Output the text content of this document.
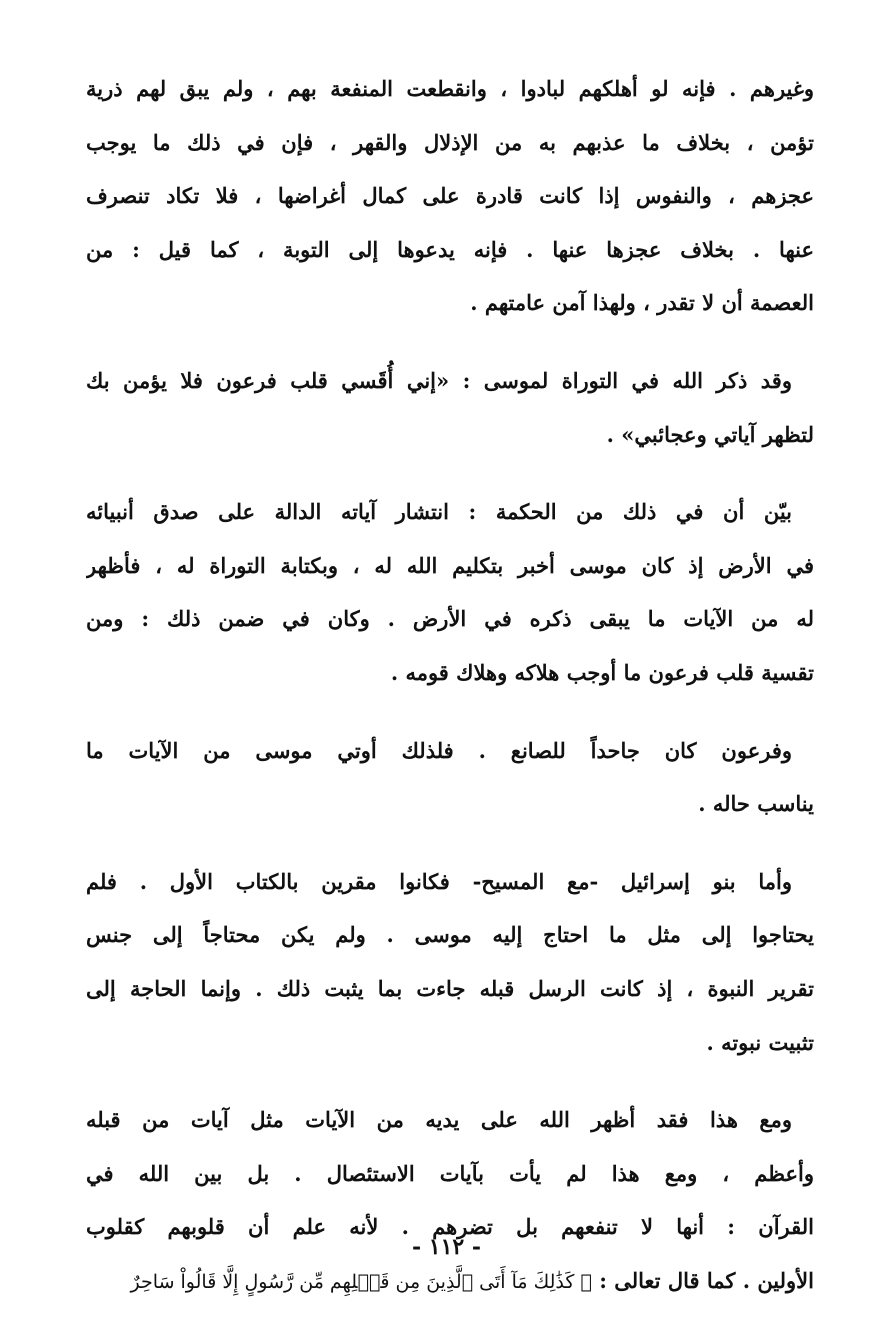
وغيرهم . فإنه لو أهلكهم لبادوا ، وانقطعت المنفعة بهم ، ولم يبق لهم ذرية
تؤمن ، بخلاف ما عذبهم به من الإذلال والقهر ، فإن في ذلك ما يوجب
عجزهم ، والنفوس إذا كانت قادرة على كمال أغراضها ، فلا تكاد تنصرف
عنها . بخلاف عجزها عنها . فإنه يدعوها إلى التوبة ، كما قيل : من
العصمة أن لا تقدر ، ولهذا آمن عامتهم .

وقد ذكر الله في التوراة لموسى : «إني أُقَسي قلب فرعون فلا يؤمن بك
لتظهر آياتي وعجائبي» .

بيّن أن في ذلك من الحكمة : انتشار آياته الدالة على صدق أنبيائه
في الأرض إذ كان موسى أخبر بتكليم الله له ، وبكتابة التوراة له ، فأظهر
له من الآيات ما يبقى ذكره في الأرض . وكان في ضمن ذلك : ومن
تقسية قلب فرعون ما أوجب هلاكه وهلاك قومه .

وفرعون كان جاحداً للصانع . فلذلك أوتي موسى من الآيات ما
يناسب حاله .

وأما بنو إسرائيل -مع المسيح- فكانوا مقرين بالكتاب الأول . فلم
يحتاجوا إلى مثل ما احتاج إليه موسى . ولم يكن محتاجاً إلى جنس
تقرير النبوة ، إذ كانت الرسل قبله جاءت بما يثبت ذلك . وإنما الحاجة إلى
تثبيت نبوته .

ومع هذا فقد أظهر الله على يديه من الآيات مثل آيات من قبله
وأعظم ، ومع هذا لم يأت بآيات الاستئصال . بل بين الله في
القرآن : أنها لا تنفعهم بل تضرهم . لأنه علم أن قلوبهم كقلوب
الأولين . كما قال تعالى : ﴿ كَذَٰلِكَ مَآ أَتَى ٱلَّذِينَ مِن قَبۡلِهِم مِّن رَّسُولٍ إِلَّا قَالُواْ سَاحِرٌ

- ١١٢ -
